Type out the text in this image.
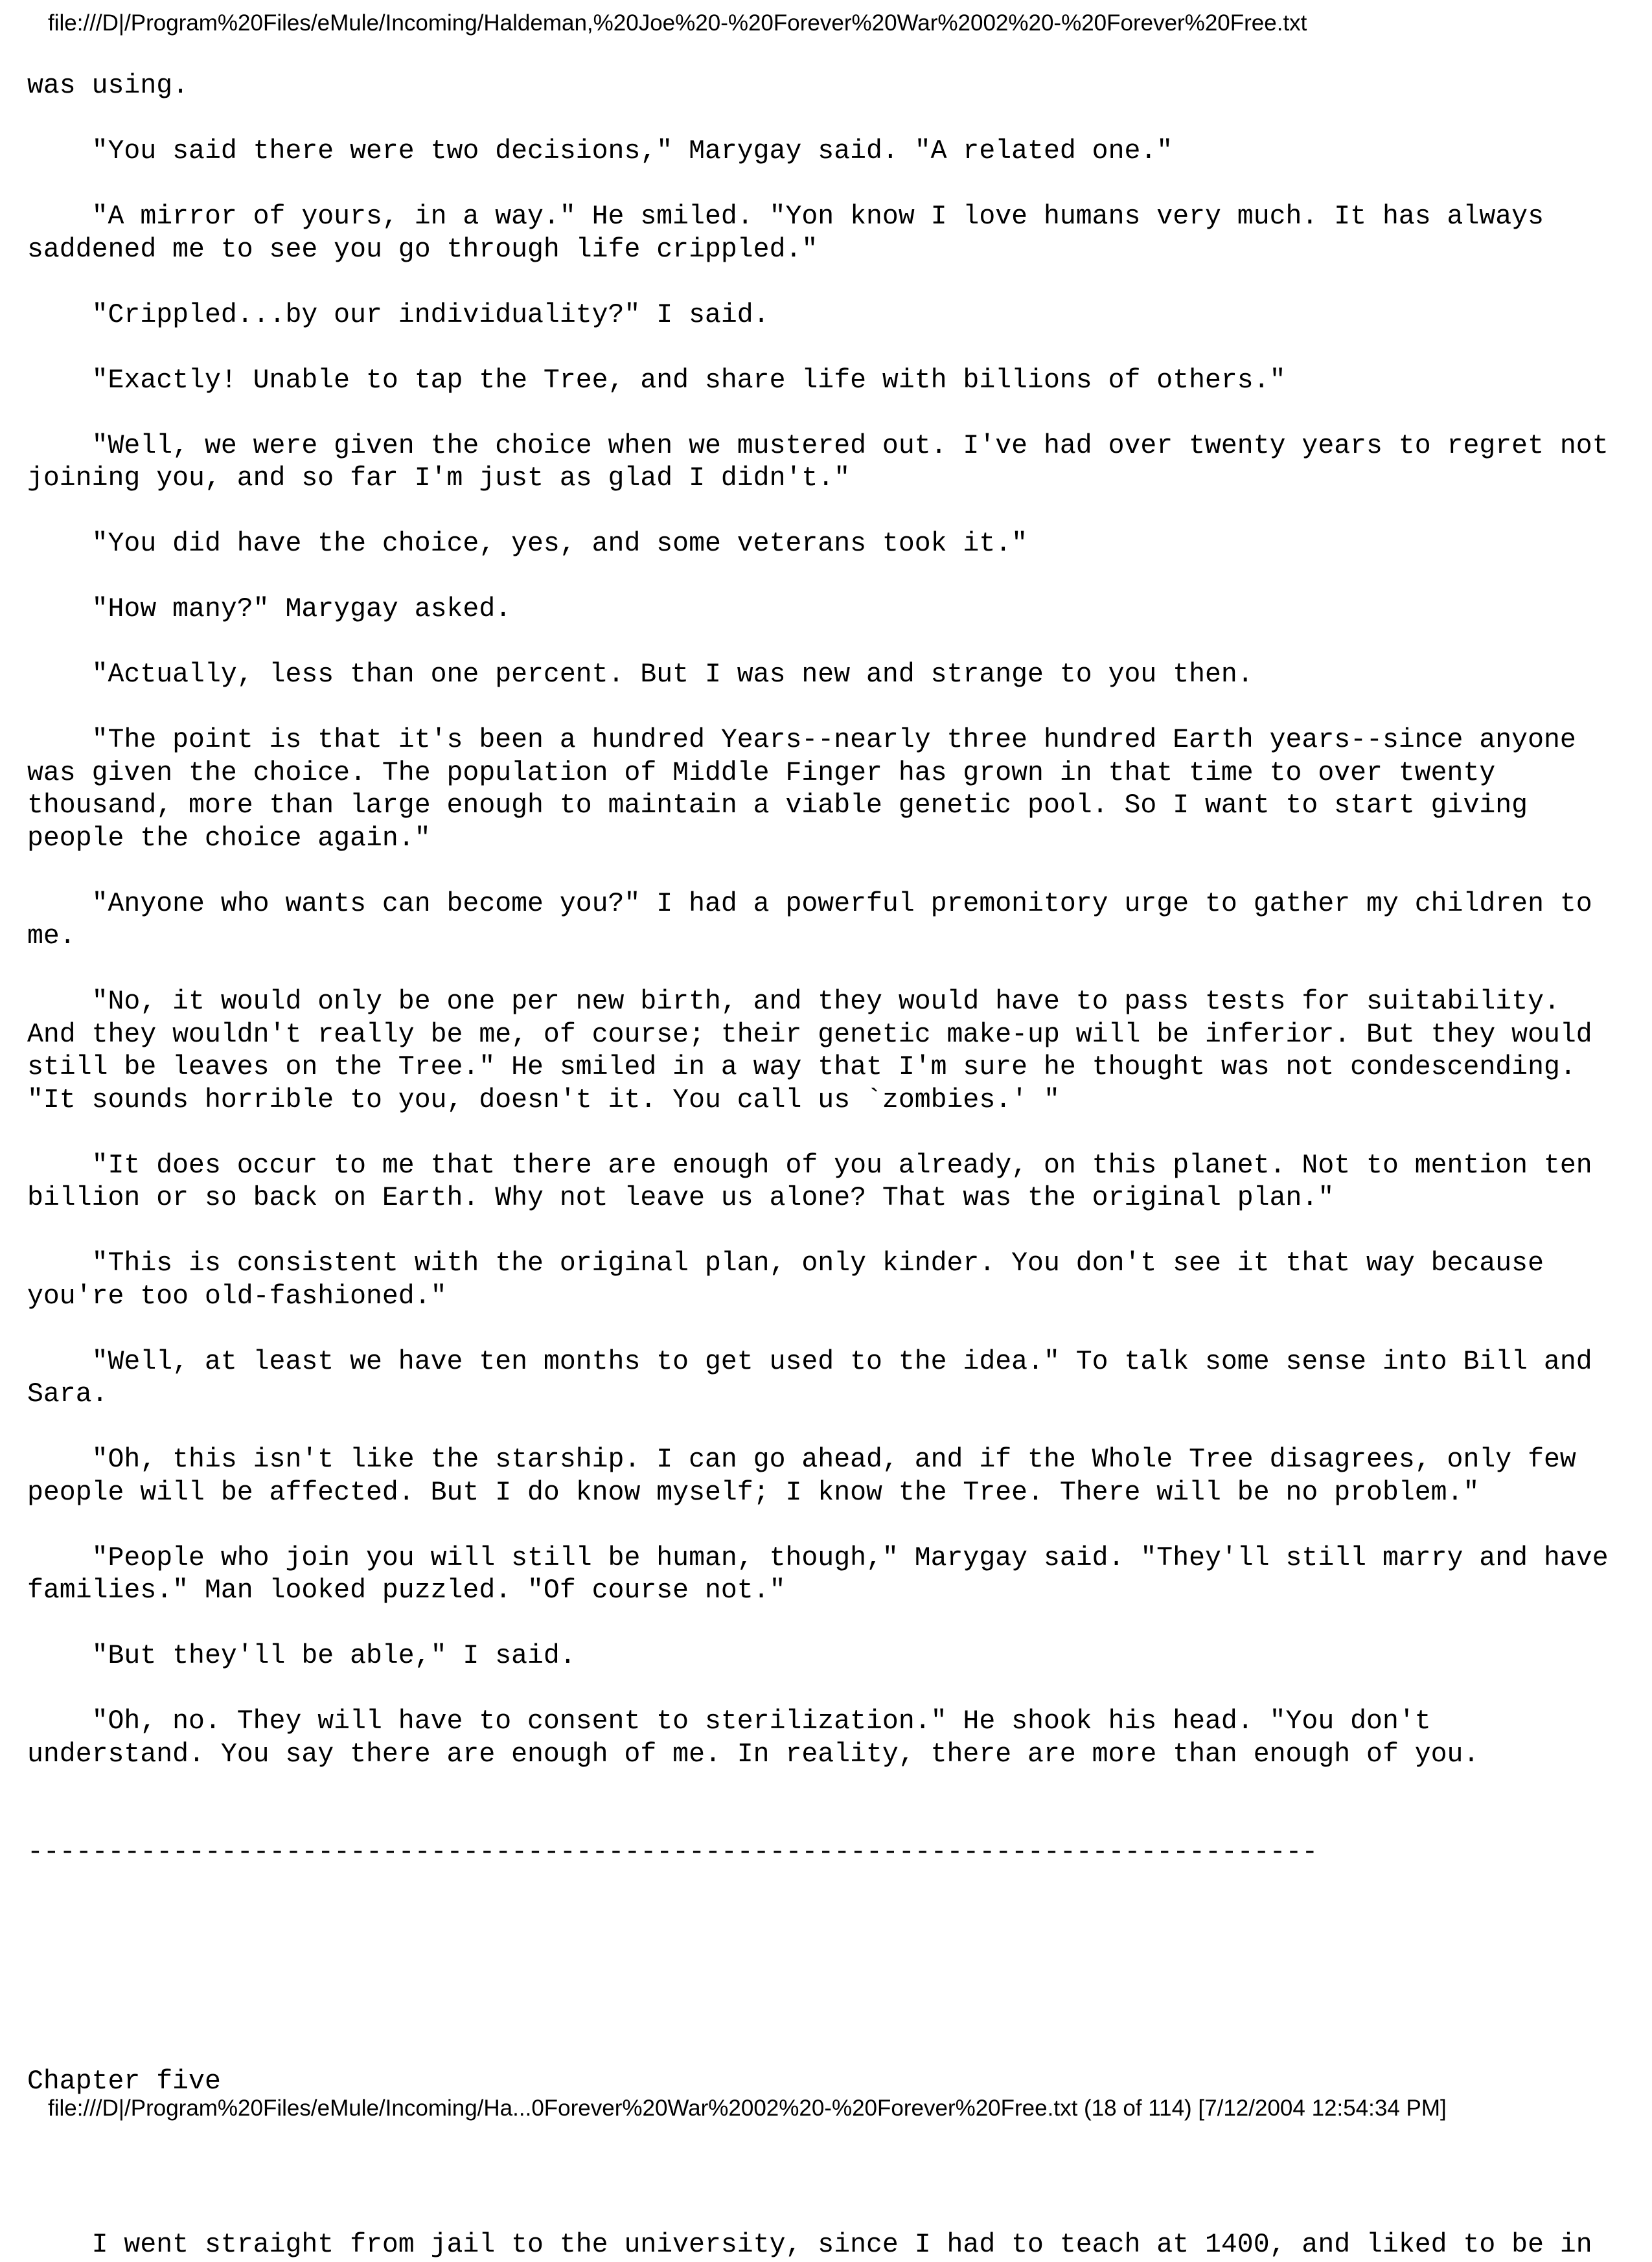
file:///D|/Program%20Files/eMule/Incoming/Haldeman,%20Joe%20-%20Forever%20War%2002%20-%20Forever%20Free.txt
was using.

"You said there were two decisions," Marygay said. "A related one."

"A mirror of yours, in a way." He smiled. "Yon know I love humans very much. It has always
saddened me to see you go through life crippled."

"Crippled...by our individuality?" I said.

"Exactly! Unable to tap the Tree, and share life with billions of others."

"Well, we were given the choice when we mustered out. I've had over twenty years to regret not
joining you, and so far I'm just as glad I didn't."

"You did have the choice, yes, and some veterans took it."

"How many?" Marygay asked.

"Actually, less than one percent. But I was new and strange to you then.

"The point is that it's been a hundred Years--nearly three hundred Earth years--since anyone
was given the choice. The population of Middle Finger has grown in that time to over twenty
thousand, more than large enough to maintain a viable genetic pool. So I want to start giving
people the choice again."

"Anyone who wants can become you?" I had a powerful premonitory urge to gather my children to
me.

"No, it would only be one per new birth, and they would have to pass tests for suitability.
And they wouldn't really be me, of course; their genetic make-up will be inferior. But they would
still be leaves on the Tree." He smiled in a way that I'm sure he thought was not condescending.
"It sounds horrible to you, doesn't it. You call us `zombies.' "

"It does occur to me that there are enough of you already, on this planet. Not to mention ten
billion or so back on Earth. Why not leave us alone? That was the original plan."

"This is consistent with the original plan, only kinder. You don't see it that way because
you're too old-fashioned."

"Well, at least we have ten months to get used to the idea." To talk some sense into Bill and
Sara.

"Oh, this isn't like the starship. I can go ahead, and if the Whole Tree disagrees, only few
people will be affected. But I do know myself; I know the Tree. There will be no problem."

"People who join you will still be human, though," Marygay said. "They'll still marry and have
families." Man looked puzzled. "Of course not."

"But they'll be able," I said.

"Oh, no. They will have to consent to sterilization." He shook his head. "You don't
understand. You say there are enough of me. In reality, there are more than enough of you.

--------------------------------------------------------------------------------

Chapter five

I went straight from jail to the university, since I had to teach at 1400, and liked to be in
file:///D|/Program%20Files/eMule/Incoming/Ha...0Forever%20War%2002%20-%20Forever%20Free.txt (18 of 114) [7/12/2004 12:54:34 PM]
